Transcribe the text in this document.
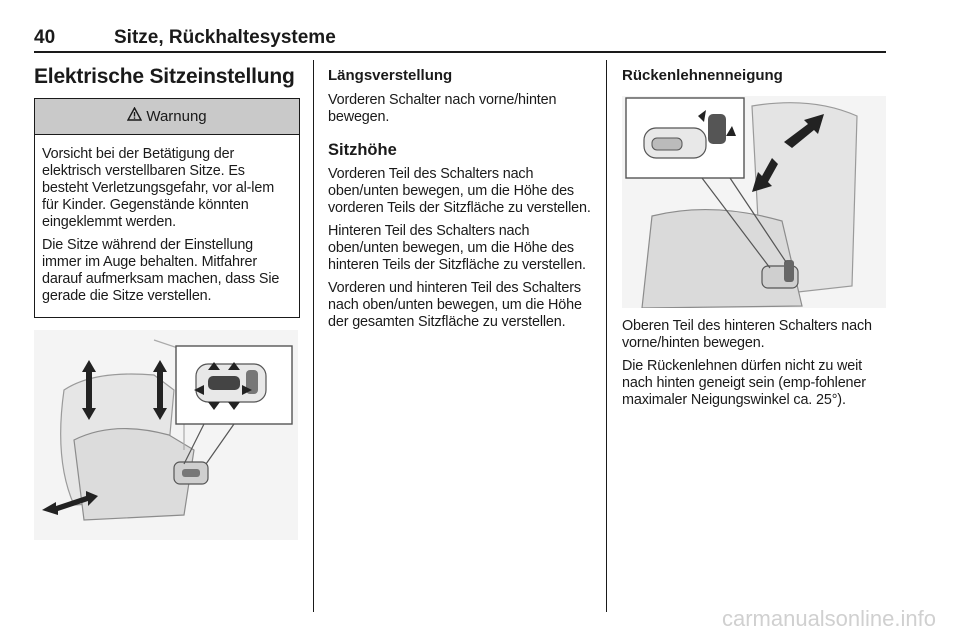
40	Sitze, Rückhaltesysteme
Elektrische Sitzeinstellung
Warnung

Vorsicht bei der Betätigung der elektrisch verstellbaren Sitze. Es besteht Verletzungsgefahr, vor al-lem für Kinder. Gegenstände könnten eingeklemmt werden.

Die Sitze während der Einstellung immer im Auge behalten. Mitfahrer darauf aufmerksam machen, dass Sie gerade die Sitze verstellen.

Längsverstellung

Vorderen Schalter nach vorne/hinten bewegen.

Sitzhöhe

Vorderen Teil des Schalters nach oben/unten bewegen, um die Höhe des vorderen Teils der Sitzfläche zu verstellen.

Hinteren Teil des Schalters nach oben/unten bewegen, um die Höhe des hinteren Teils der Sitzfläche zu verstellen.

Vorderen und hinteren Teil des Schalters nach oben/unten bewegen, um die Höhe der gesamten Sitzfläche zu verstellen.

Rückenlehnenneigung

Oberen Teil des hinteren Schalters nach vorne/hinten bewegen.

Die Rückenlehnen dürfen nicht zu weit nach hinten geneigt sein (emp-fohlener maximaler Neigungswinkel ca. 25°).

carmanualsonline.info
